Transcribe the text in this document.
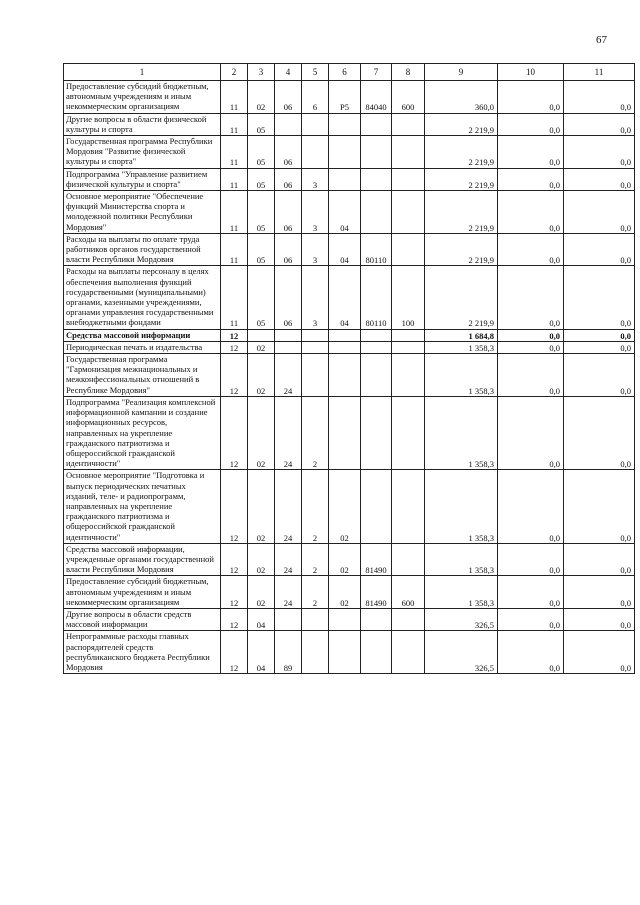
67
1	2	3	4	5	6	7	8	9	10	11
Предоставление субсидий бюджетным, автономным учреждениям и иным некоммерческим организациям	11	02	06	6	P5	84040	600	360,0	0,0	0,0
Другие вопросы в области физической культуры и спорта	11	05						2 219,9	0,0	0,0
Государственная программа Республики Мордовия "Развитие физической культуры и спорта"	11	05	06					2 219,9	0,0	0,0
Подпрограмма "Управление развитием физической культуры и спорта"	11	05	06	3				2 219,9	0,0	0,0
Основное мероприятие "Обеспечение функций Министерства спорта и молодежной политики Республики Мордовия"	11	05	06	3	04			2 219,9	0,0	0,0
Расходы на выплаты по оплате труда работников органов государственной власти Республики Мордовия	11	05	06	3	04	80110		2 219,9	0,0	0,0
Расходы на выплаты персоналу в целях обеспечения выполнения функций государственными (муниципальными) органами, казенными учреждениями, органами управления государственными внебюджетными фондами	11	05	06	3	04	80110	100	2 219,9	0,0	0,0
Средства массовой информации	12							1 684,8	0,0	0,0
Периодическая печать и издательства	12	02						1 358,3	0,0	0,0
Государственная программа "Гармонизация межнациональных и межконфессиональных отношений в Республике Мордовия"	12	02	24					1 358,3	0,0	0,0
Подпрограмма "Реализация комплексной информационной кампании и создание информационных ресурсов, направленных на укрепление гражданского патриотизма и общероссийской гражданской идентичности"	12	02	24	2				1 358,3	0,0	0,0
Основное мероприятие "Подготовка и выпуск периодических печатных изданий, теле- и радиопрограмм, направленных на укрепление гражданского патриотизма и общероссийской гражданской идентичности"	12	02	24	2	02			1 358,3	0,0	0,0
Средства массовой информации, учрежденные органами государственной власти Республики Мордовия	12	02	24	2	02	81490		1 358,3	0,0	0,0
Предоставление субсидий бюджетным, автономным учреждениям и иным некоммерческим организациям	12	02	24	2	02	81490	600	1 358,3	0,0	0,0
Другие вопросы в области средств массовой информации	12	04						326,5	0,0	0,0
Непрограммные расходы главных распорядителей средств республиканского бюджета Республики Мордовия	12	04	89					326,5	0,0	0,0
